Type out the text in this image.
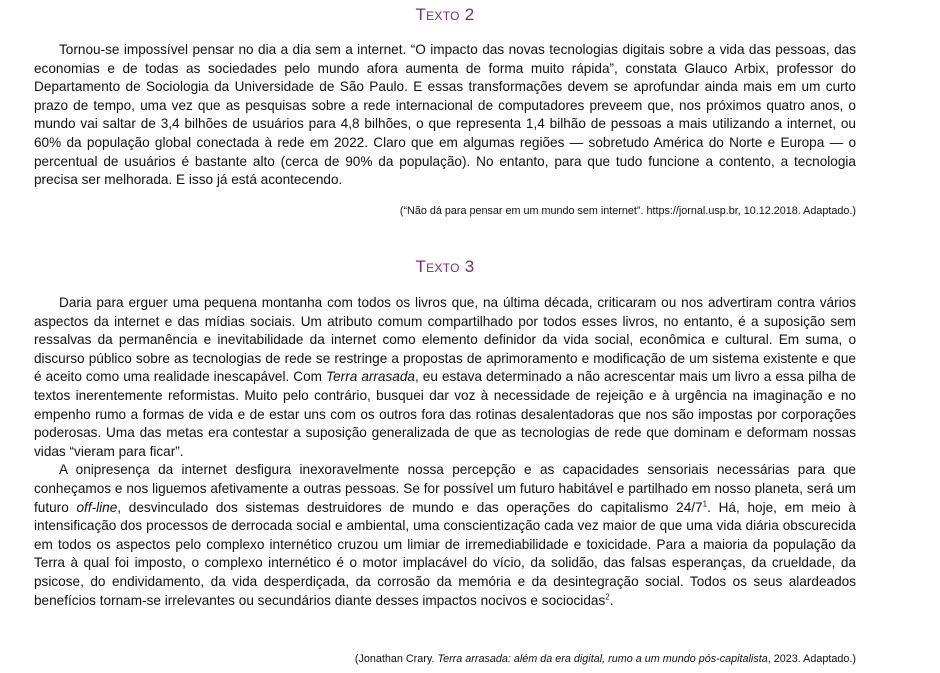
Texto 2

Tornou-se impossível pensar no dia a dia sem a internet. “O impacto das novas tecnologias digitais sobre a vida das pessoas, das economias e de todas as sociedades pelo mundo afora aumenta de forma muito rápida”, constata Glauco Arbix, professor do Departamento de Sociologia da Universidade de São Paulo. E essas transformações devem se aprofundar ainda mais em um curto prazo de tempo, uma vez que as pesquisas sobre a rede internacional de computadores preveem que, nos próximos quatro anos, o mundo vai saltar de 3,4 bilhões de usuários para 4,8 bilhões, o que representa 1,4 bilhão de pessoas a mais utilizando a internet, ou 60% da população global conectada à rede em 2022. Claro que em algumas regiões — sobretudo América do Norte e Europa — o percentual de usuários é bastante alto (cerca de 90% da população). No entanto, para que tudo funcione a contento, a tecnologia precisa ser melhorada. E isso já está acontecendo.

(“Não dá para pensar em um mundo sem internet”. https://jornal.usp.br, 10.12.2018. Adaptado.)
Texto 3

Daria para erguer uma pequena montanha com todos os livros que, na última década, criticaram ou nos advertiram contra vários aspectos da internet e das mídias sociais. Um atributo comum compartilhado por todos esses livros, no entanto, é a suposição sem ressalvas da permanência e inevitabilidade da internet como elemento definidor da vida social, econômica e cultural. Em suma, o discurso público sobre as tecnologias de rede se restringe a propostas de aprimoramento e modificação de um sistema existente e que é aceito como uma realidade inescapável. Com Terra arrasada, eu estava determinado a não acrescentar mais um livro a essa pilha de textos inerentemente reformistas. Muito pelo contrário, busquei dar voz à necessidade de rejeição e à urgência na imaginação e no empenho rumo a formas de vida e de estar uns com os outros fora das rotinas desalentadoras que nos são impostas por corporações poderosas. Uma das metas era contestar a suposição generalizada de que as tecnologias de rede que dominam e deformam nossas vidas “vieram para ficar”.

A onipresença da internet desfigura inexoravelmente nossa percepção e as capacidades sensoriais necessárias para que conheçamos e nos liguemos afetivamente a outras pessoas. Se for possível um futuro habitável e partilhado em nosso planeta, será um futuro off-line, desvinculado dos sistemas destruidores de mundo e das operações do capitalismo $24/7^1$. Há, hoje, em meio à intensificação dos processos de derrocada social e ambiental, uma conscientização cada vez maior de que uma vida diária obscurecida em todos os aspectos pelo complexo internético cruzou um limiar de irremediabilidade e toxicidade. Para a maioria da população da Terra à qual foi imposto, o complexo internético é o motor implacável do vício, da solidão, das falsas esperanças, da crueldade, da psicose, do endividamento, da vida desperdiçada, da corrosão da memória e da desintegração social. Todos os seus alardeados benefícios tornam-se irrelevantes ou secundários diante desses impactos nocivos e sociocidas$^2$.

(Jonathan Crary. Terra arrasada: além da era digital, rumo a um mundo pós-capitalista, 2023. Adaptado.)
